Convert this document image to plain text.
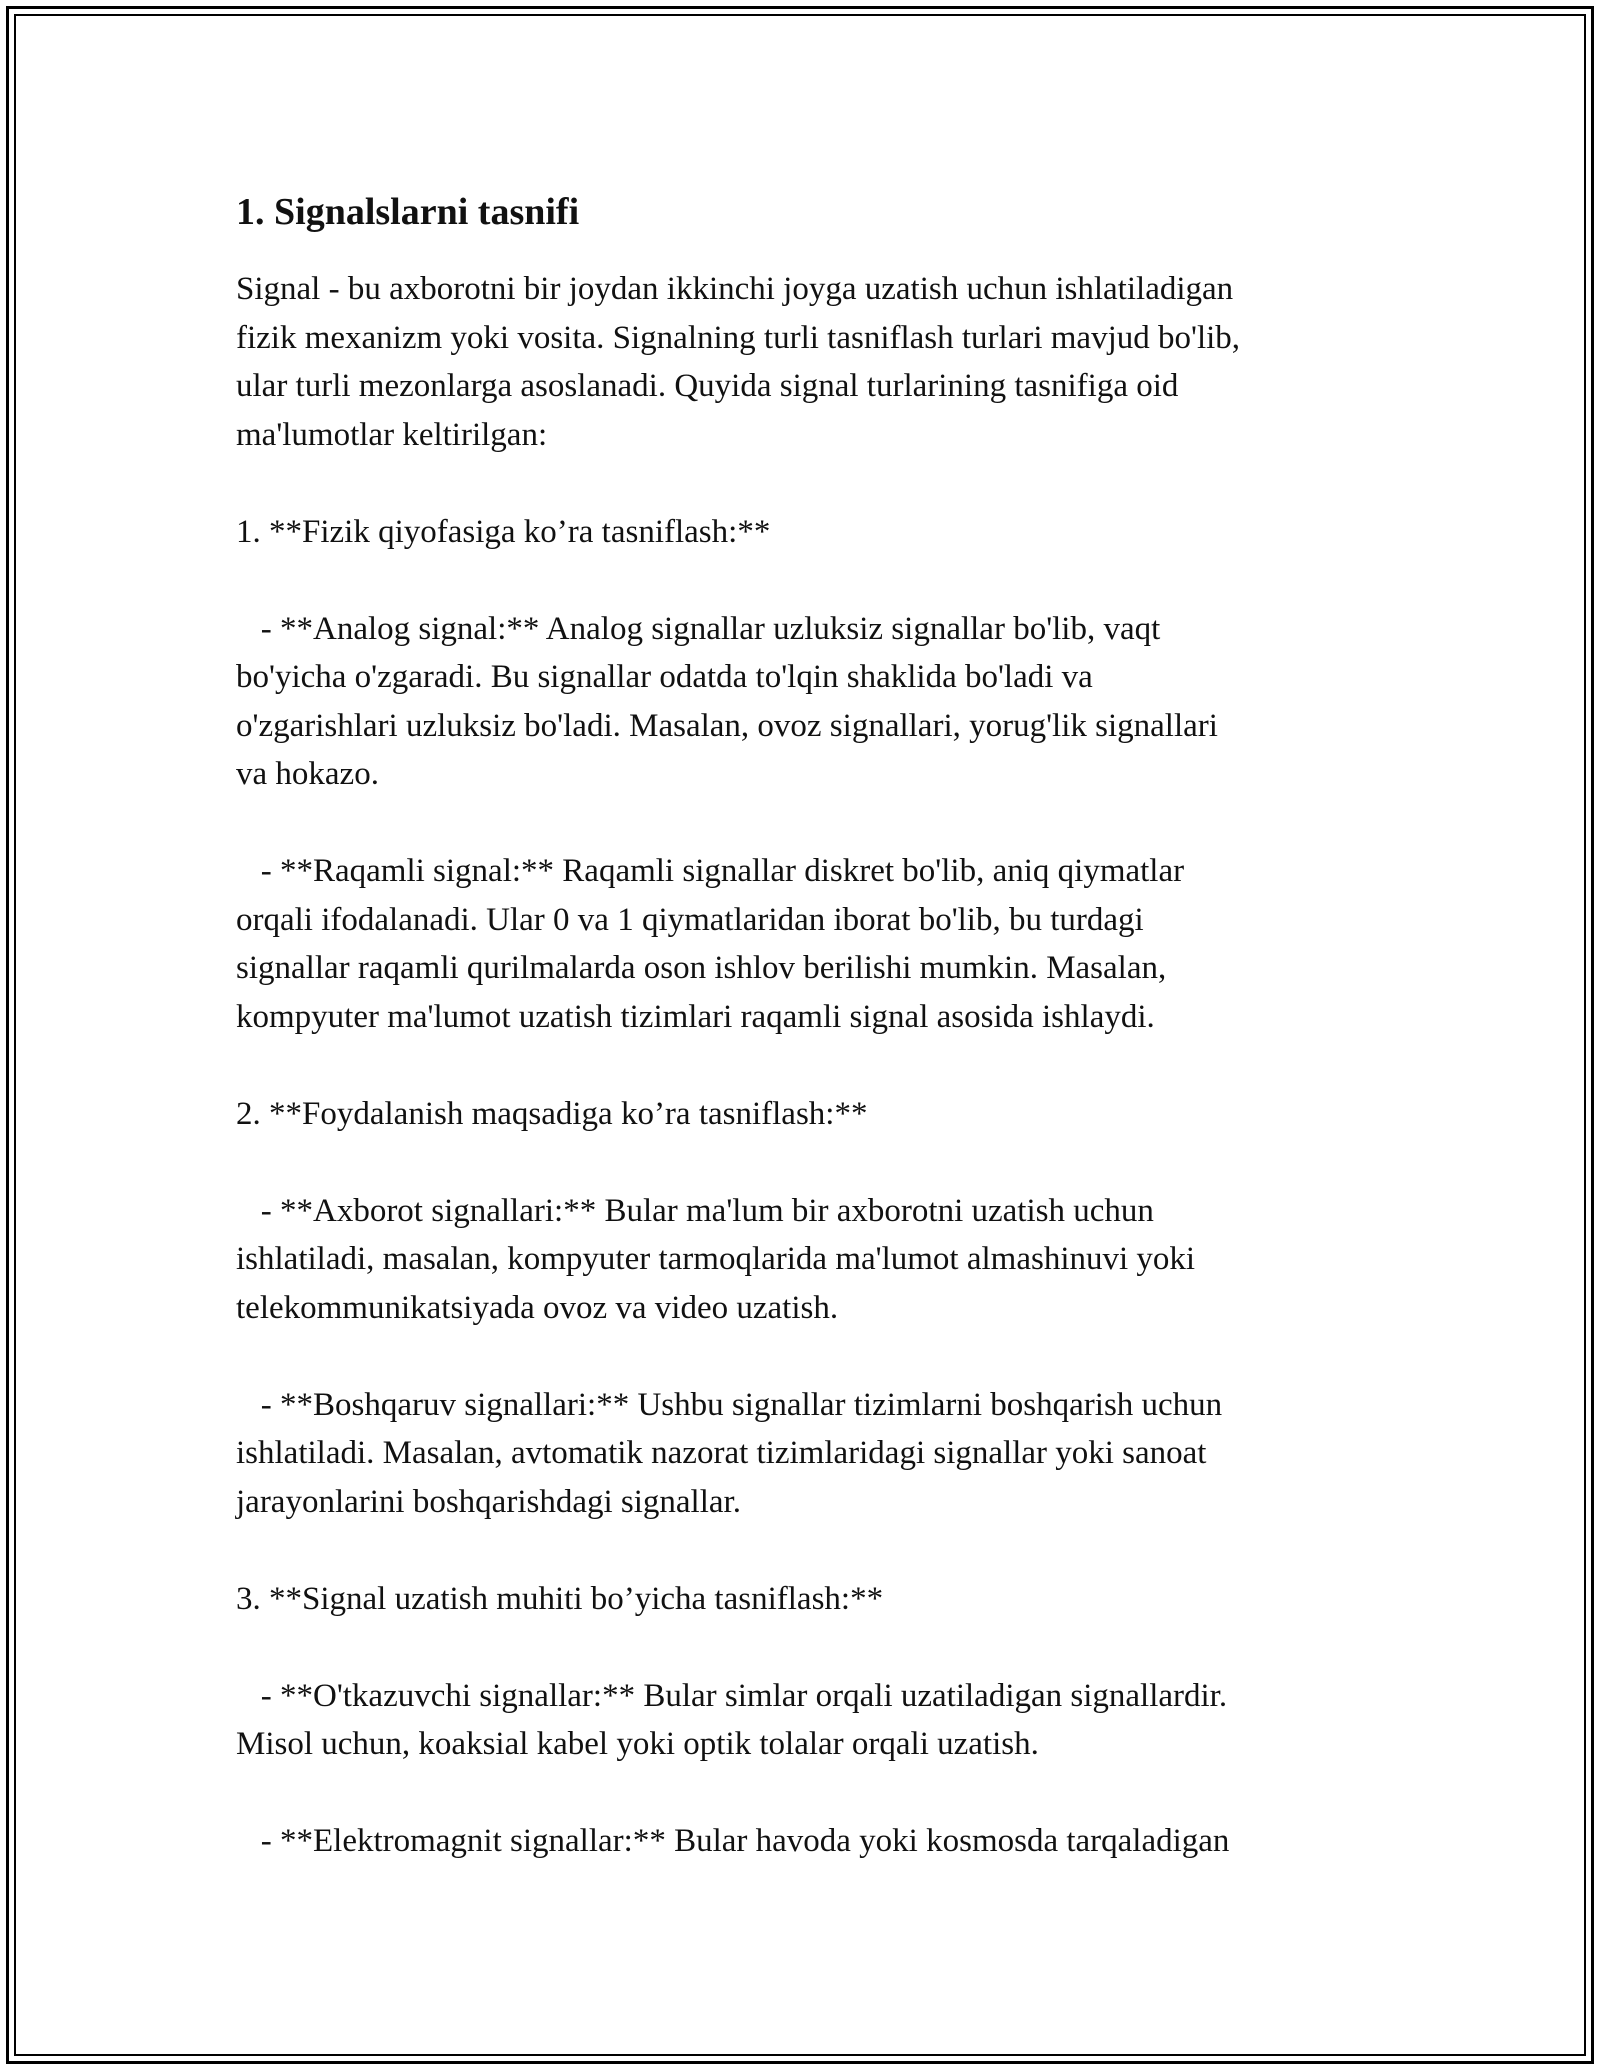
1. Signalslarni tasnifi
Signal - bu axborotni bir joydan ikkinchi joyga uzatish uchun ishlatiladigan
fizik mexanizm yoki vosita. Signalning turli tasniflash turlari mavjud bo'lib,
ular turli mezonlarga asoslanadi. Quyida signal turlarining tasnifiga oid
ma'lumotlar keltirilgan:
1. **Fizik qiyofasiga ko’ra tasniflash:**
- **Analog signal:** Analog signallar uzluksiz signallar bo'lib, vaqt
bo'yicha o'zgaradi. Bu signallar odatda to'lqin shaklida bo'ladi va
o'zgarishlari uzluksiz bo'ladi. Masalan, ovoz signallari, yorug'lik signallari
va hokazo.
- **Raqamli signal:** Raqamli signallar diskret bo'lib, aniq qiymatlar
orqali ifodalanadi. Ular 0 va 1 qiymatlaridan iborat bo'lib, bu turdagi
signallar raqamli qurilmalarda oson ishlov berilishi mumkin. Masalan,
kompyuter ma'lumot uzatish tizimlari raqamli signal asosida ishlaydi.
2. **Foydalanish maqsadiga ko’ra tasniflash:**
- **Axborot signallari:** Bular ma'lum bir axborotni uzatish uchun
ishlatiladi, masalan, kompyuter tarmoqlarida ma'lumot almashinuvi yoki
telekommunikatsiyada ovoz va video uzatish.
- **Boshqaruv signallari:** Ushbu signallar tizimlarni boshqarish uchun
ishlatiladi. Masalan, avtomatik nazorat tizimlaridagi signallar yoki sanoat
jarayonlarini boshqarishdagi signallar.
3. **Signal uzatish muhiti bo’yicha tasniflash:**
- **O'tkazuvchi signallar:** Bular simlar orqali uzatiladigan signallardir.
Misol uchun, koaksial kabel yoki optik tolalar orqali uzatish.
- **Elektromagnit signallar:** Bular havoda yoki kosmosda tarqaladigan
